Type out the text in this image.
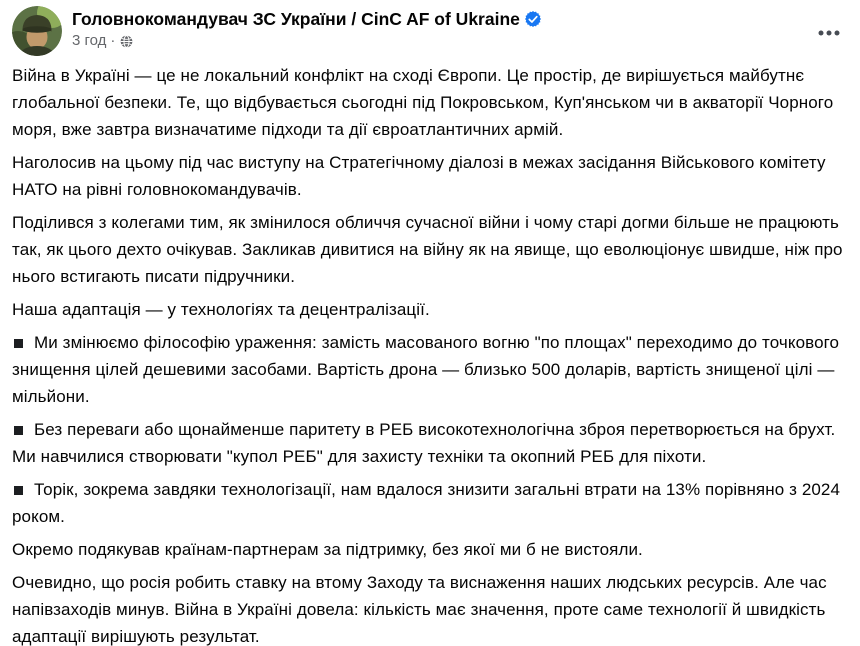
Головнокомандувач ЗС України / CinC AF of Ukraine
3 год ·

Війна в Україні — це не локальний конфлікт на сході Європи. Це простір, де вирішується майбутнє глобальної безпеки. Те, що відбувається сьогодні під Покровськом, Куп'янськом чи в акваторії Чорного моря, вже завтра визначатиме підходи та дії євроатлантичних армій.

Наголосив на цьому під час виступу на Стратегічному діалозі в межах засідання Військового комітету НАТО на рівні головнокомандувачів.

Поділився з колегами тим, як змінилося обличчя сучасної війни і чому старі догми більше не працюють так, як цього дехто очікував. Закликав дивитися на війну як на явище, що еволюціонує швидше, ніж про нього встигають писати підручники.

Наша адаптація — у технологіях та децентралізації.

Ми змінюємо філософію ураження: замість масованого вогню "по площах" переходимо до точкового знищення цілей дешевими засобами. Вартість дрона — близько 500 доларів, вартість знищеної цілі — мільйони.

Без переваги або щонайменше паритету в РЕБ високотехнологічна зброя перетворюється на брухт. Ми навчилися створювати "купол РЕБ" для захисту техніки та окопний РЕБ для піхоти.

Торік, зокрема завдяки технологізації, нам вдалося знизити загальні втрати на 13% порівняно з 2024 роком.

Окремо подякував країнам-партнерам за підтримку, без якої ми б не вистояли.

Очевидно, що росія робить ставку на втому Заходу та виснаження наших людських ресурсів. Але час напівзаходів минув. Війна в Україні довела: кількість має значення, проте саме технології й швидкість адаптації вирішують результат.
